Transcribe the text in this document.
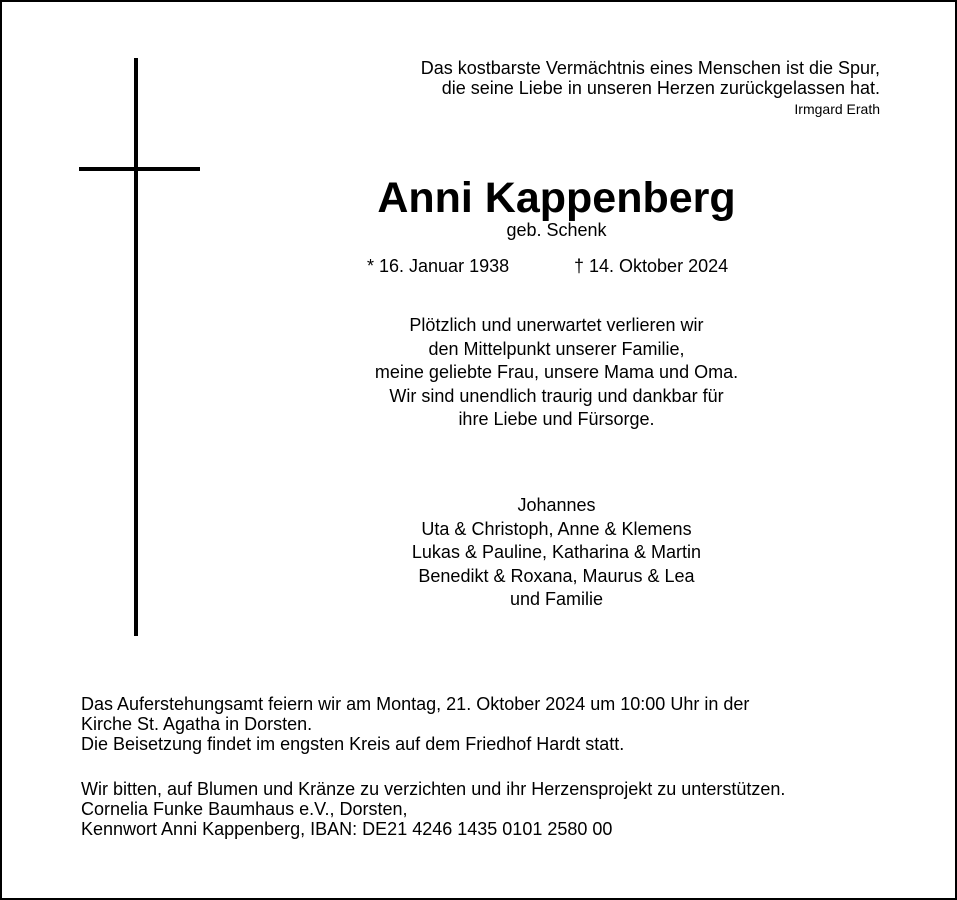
Das kostbarste Vermächtnis eines Menschen ist die Spur,
die seine Liebe in unseren Herzen zurückgelassen hat.
Irmgard Erath
Anni Kappenberg
geb. Schenk
* 16. Januar 1938	† 14. Oktober 2024
Plötzlich und unerwartet verlieren wir
den Mittelpunkt unserer Familie,
meine geliebte Frau, unsere Mama und Oma.
Wir sind unendlich traurig und dankbar für
ihre Liebe und Fürsorge.
Johannes
Uta & Christoph, Anne & Klemens
Lukas & Pauline, Katharina & Martin
Benedikt & Roxana, Maurus & Lea
und Familie
Das Auferstehungsamt feiern wir am Montag, 21. Oktober 2024 um 10:00 Uhr in der
Kirche St. Agatha in Dorsten.
Die Beisetzung findet im engsten Kreis auf dem Friedhof Hardt statt.
Wir bitten, auf Blumen und Kränze zu verzichten und ihr Herzensprojekt zu unterstützen.
Cornelia Funke Baumhaus e.V., Dorsten,
Kennwort Anni Kappenberg, IBAN: DE21 4246 1435 0101 2580 00
